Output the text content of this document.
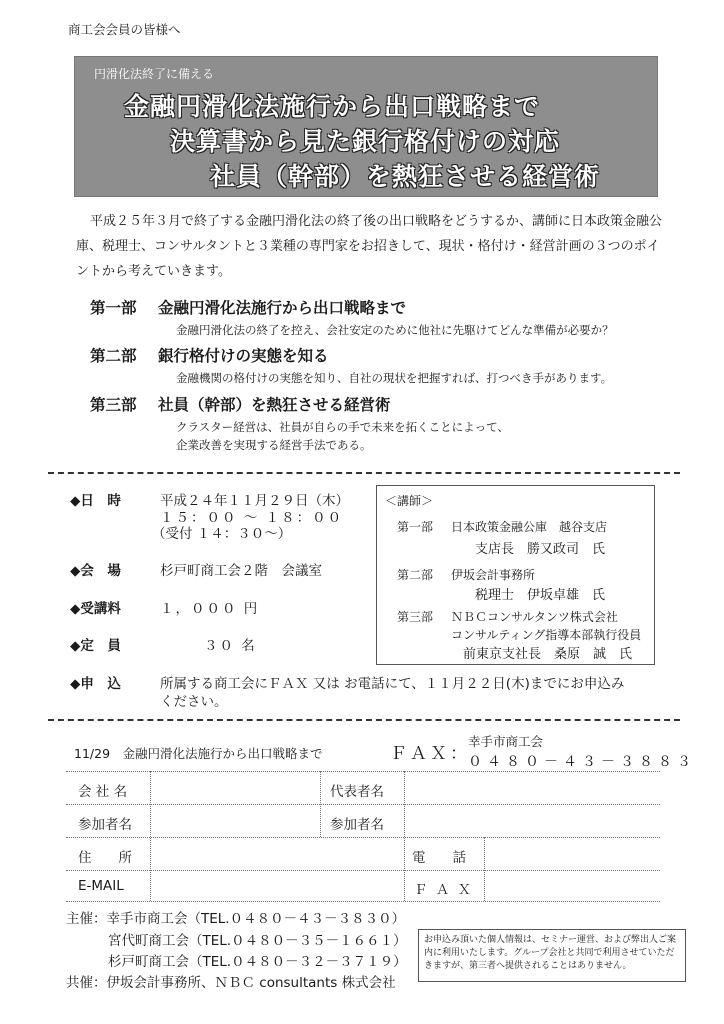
商工会会員の皆様へ
円滑化法終了に備える
金融円滑化法施行から出口戦略まで
決算書から見た銀行格付けの対応
社員（幹部）を熱狂させる経営術
平成２５年３月で終了する金融円滑化法の終了後の出口戦略をどうするか、講師に日本政策金融公庫、税理士、コンサルタントと３業種の専門家をお招きして、現状・格付け・経営計画の３つのポイントから考えていきます。
第一部 金融円滑化法施行から出口戦略まで
金融円滑化法の終了を控え、会社安定のために他社に先駆けてどんな準備が必要か？
第二部 銀行格付けの実態を知る
金融機関の格付けの実態を知り、自社の現状を把握すれば、打つべき手があります。
第三部 社員（幹部）を熱狂させる経営術
クラスター経営は、社員が自らの手で未来を拓くことによって、
企業改善を実現する経営手法である。
◆日　時	平成２４年１１月２９日（木）
１５：００ ～ １８：００
（受付 １４：３０～）
◆会　場	杉戸町商工会２階　会議室
◆受講料	１，０００ 円
◆定　員	３０ 名
◆申　込	所属する商工会にＦＡＸ 又は お電話にて、１１月２２日(木)までにお申込み
ください。
＜講師＞
第一部 日本政策金融公庫　越谷支店
支店長　勝又政司　氏
第二部 伊坂会計事務所
税理士　伊坂卓雄　氏
第三部 ＮＢＣコンサルタンツ株式会社
コンサルティング指導本部執行役員
前東京支社長　桑原　誠　氏
11/29　金融円滑化法施行から出口戦略まで	ＦＡＸ：
幸手市商工会
０４８０－４３－３８８３
会 社 名	代表者名
参加者名	参加者名
住　　所	電　　話
E-MAIL	Ｆ Ａ Ｘ
主催：幸手市商工会（TEL.０４８０－４３－３８３０）
宮代町商工会（TEL.０４８０－３５－１６６１）
杉戸町商工会（TEL.０４８０－３２－３７１９）
共催：伊坂会計事務所、ＮＢＣ consultants 株式会社
お申込み頂いた個人情報は、セミナー運営、および弊出人ご案内に利用いたします。グループ会社と共同で利用させていただきますが、第三者へ提供されることはありません。
